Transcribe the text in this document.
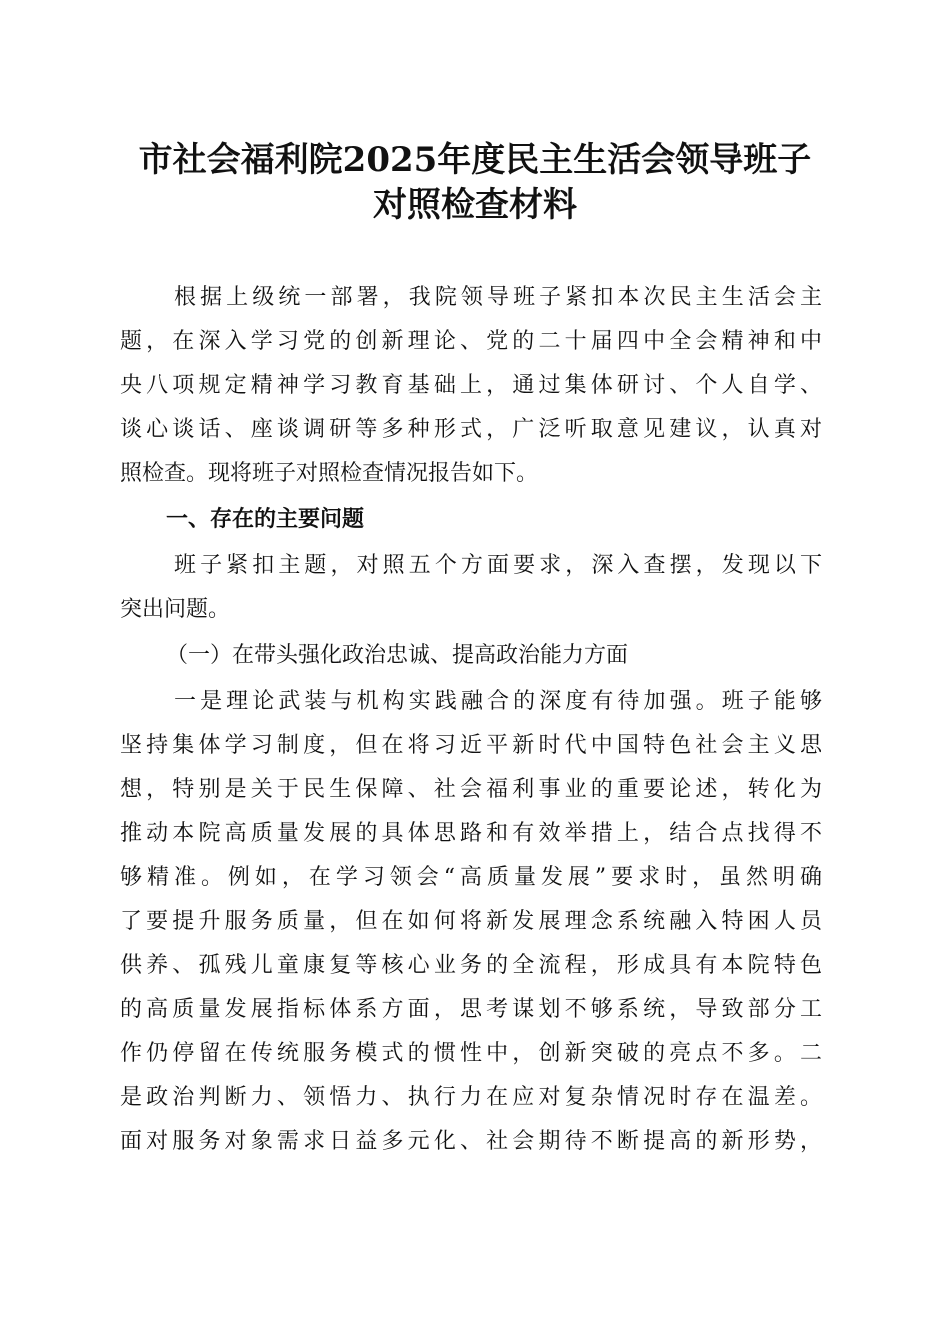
市社会福利院2025年度民主生活会领导班子
对照检查材料
根据上级统一部署，我院领导班子紧扣本次民主生活会主
题，在深入学习党的创新理论、党的二十届四中全会精神和中
央八项规定精神学习教育基础上，通过集体研讨、个人自学、
谈心谈话、座谈调研等多种形式，广泛听取意见建议，认真对
照检查。现将班子对照检查情况报告如下。
一、存在的主要问题
班子紧扣主题，对照五个方面要求，深入查摆，发现以下
突出问题。
（一）在带头强化政治忠诚、提高政治能力方面
一是理论武装与机构实践融合的深度有待加强。班子能够
坚持集体学习制度，但在将习近平新时代中国特色社会主义思
想，特别是关于民生保障、社会福利事业的重要论述，转化为
推动本院高质量发展的具体思路和有效举措上，结合点找得不
够精准。例如，在学习领会“高质量发展”要求时，虽然明确
了要提升服务质量，但在如何将新发展理念系统融入特困人员
供养、孤残儿童康复等核心业务的全流程，形成具有本院特色
的高质量发展指标体系方面，思考谋划不够系统，导致部分工
作仍停留在传统服务模式的惯性中，创新突破的亮点不多。二
是政治判断力、领悟力、执行力在应对复杂情况时存在温差。
面对服务对象需求日益多元化、社会期待不断提高的新形势，
